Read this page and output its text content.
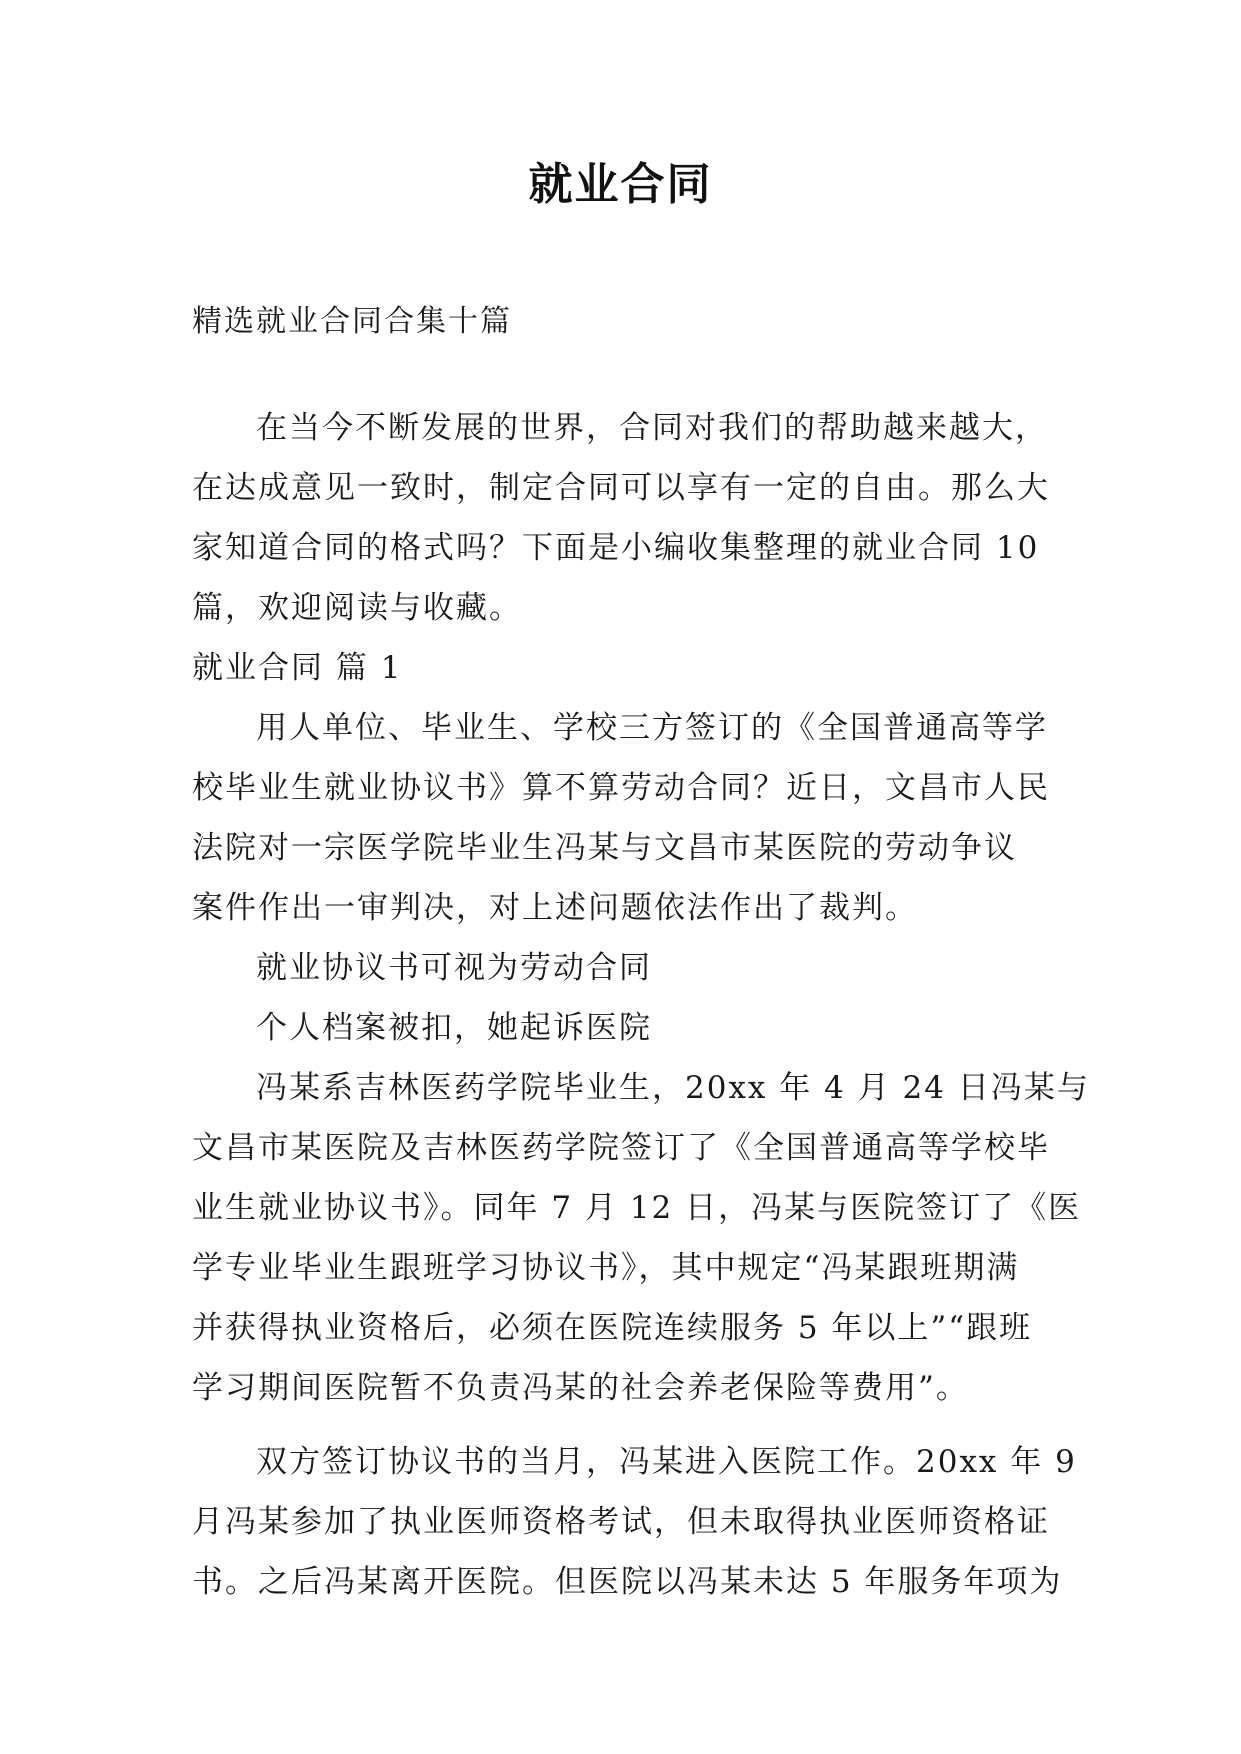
就业合同
精选就业合同合集十篇
在当今不断发展的世界，合同对我们的帮助越来越大，
在达成意见一致时，制定合同可以享有一定的自由。那么大
家知道合同的格式吗？下面是小编收集整理的就业合同 10
篇，欢迎阅读与收藏。
就业合同 篇 1
用人单位、毕业生、学校三方签订的《全国普通高等学
校毕业生就业协议书》算不算劳动合同？近日，文昌市人民
法院对一宗医学院毕业生冯某与文昌市某医院的劳动争议
案件作出一审判决，对上述问题依法作出了裁判。
就业协议书可视为劳动合同
个人档案被扣，她起诉医院
冯某系吉林医药学院毕业生，20xx 年 4 月 24 日冯某与
文昌市某医院及吉林医药学院签订了《全国普通高等学校毕
业生就业协议书》。同年 7 月 12 日，冯某与医院签订了《医
学专业毕业生跟班学习协议书》，其中规定“冯某跟班期满
并获得执业资格后，必须在医院连续服务 5 年以上”“跟班
学习期间医院暂不负责冯某的社会养老保险等费用”。
双方签订协议书的当月，冯某进入医院工作。20xx 年 9
月冯某参加了执业医师资格考试，但未取得执业医师资格证
书。之后冯某离开医院。但医院以冯某未达 5 年服务年项为
